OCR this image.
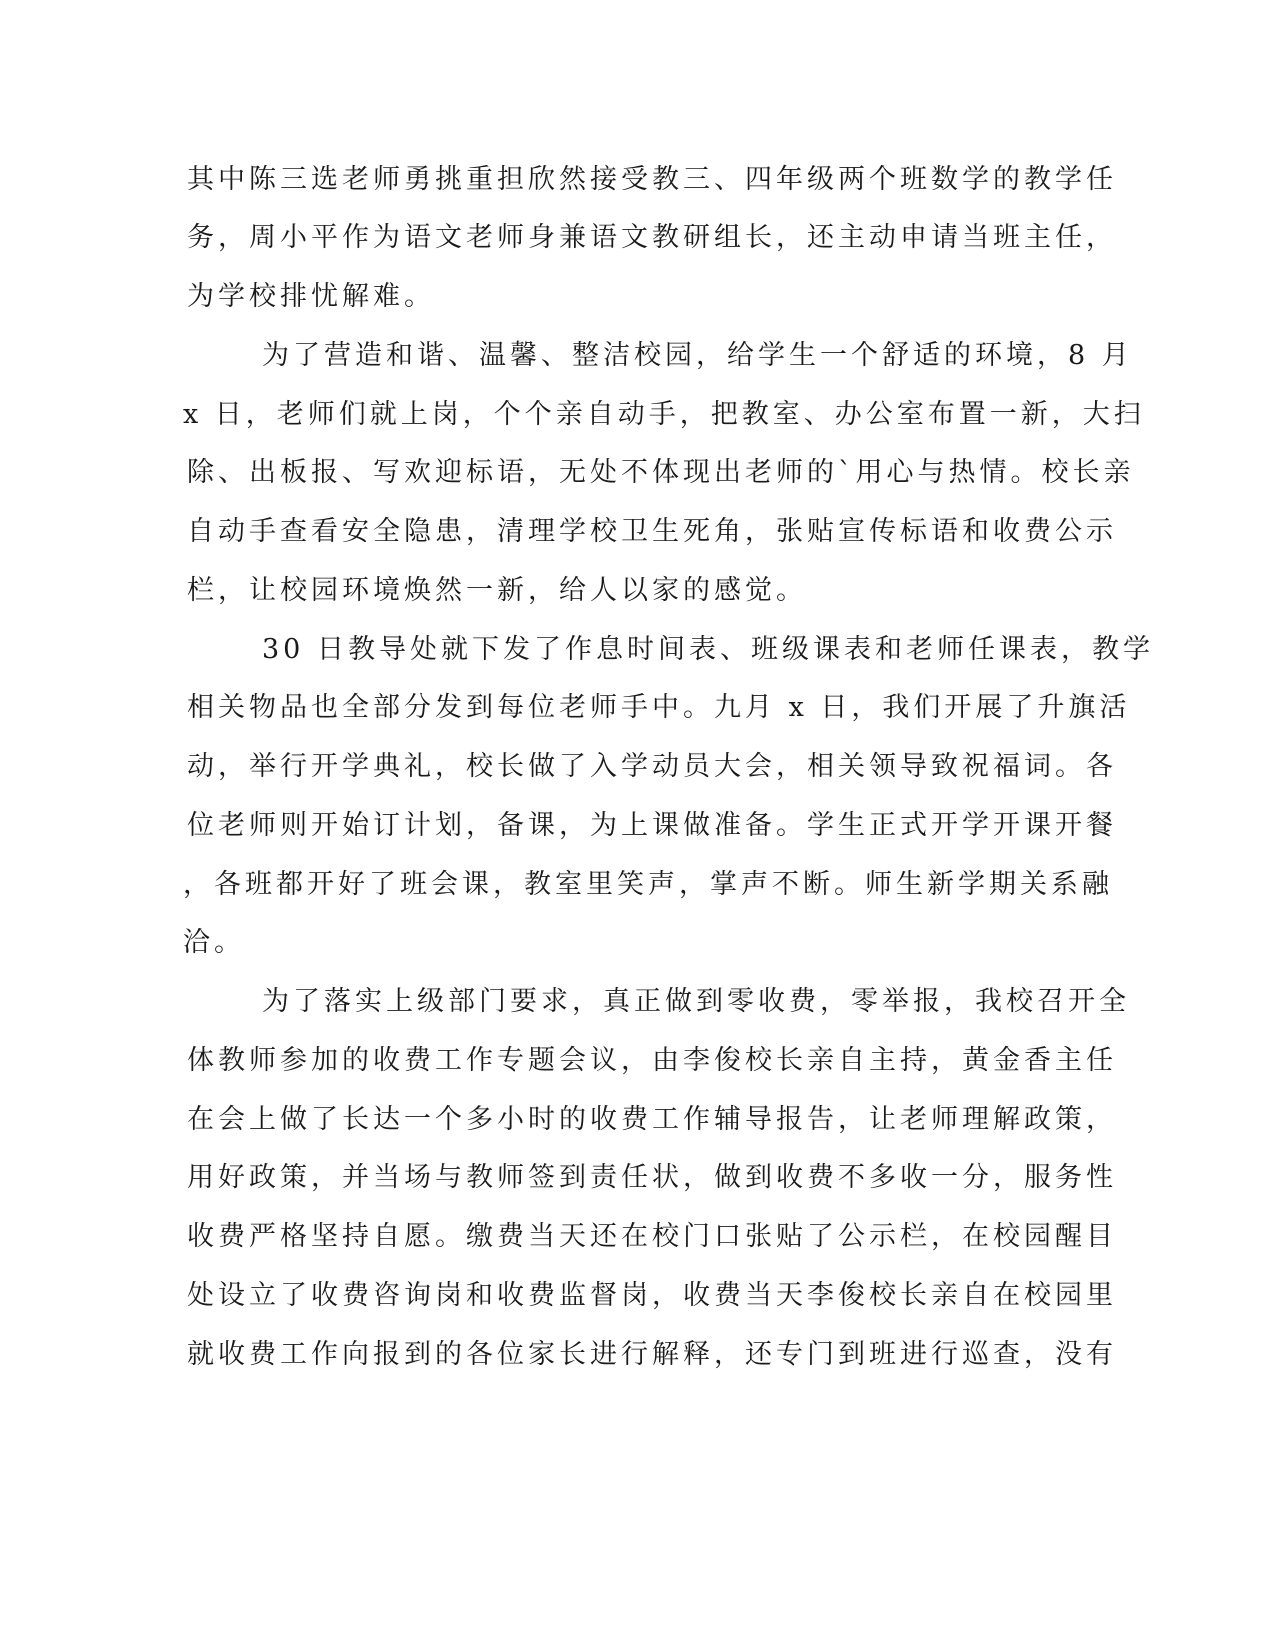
其中陈三选老师勇挑重担欣然接受教三、四年级两个班数学的教学任
务，周小平作为语文老师身兼语文教研组长，还主动申请当班主任，
为学校排忧解难。
为了营造和谐、温馨、整洁校园，给学生一个舒适的环境，8 月
x 日，老师们就上岗，个个亲自动手，把教室、办公室布置一新，大扫
除、出板报、写欢迎标语，无处不体现出老师的`用心与热情。校长亲
自动手查看安全隐患，清理学校卫生死角，张贴宣传标语和收费公示
栏，让校园环境焕然一新，给人以家的感觉。
30 日教导处就下发了作息时间表、班级课表和老师任课表，教学
相关物品也全部分发到每位老师手中。九月 x 日，我们开展了升旗活
动，举行开学典礼，校长做了入学动员大会，相关领导致祝福词。各
位老师则开始订计划，备课，为上课做准备。学生正式开学开课开餐
，各班都开好了班会课，教室里笑声，掌声不断。师生新学期关系融
洽。
为了落实上级部门要求，真正做到零收费，零举报，我校召开全
体教师参加的收费工作专题会议，由李俊校长亲自主持，黄金香主任
在会上做了长达一个多小时的收费工作辅导报告，让老师理解政策，
用好政策，并当场与教师签到责任状，做到收费不多收一分，服务性
收费严格坚持自愿。缴费当天还在校门口张贴了公示栏，在校园醒目
处设立了收费咨询岗和收费监督岗，收费当天李俊校长亲自在校园里
就收费工作向报到的各位家长进行解释，还专门到班进行巡查，没有
